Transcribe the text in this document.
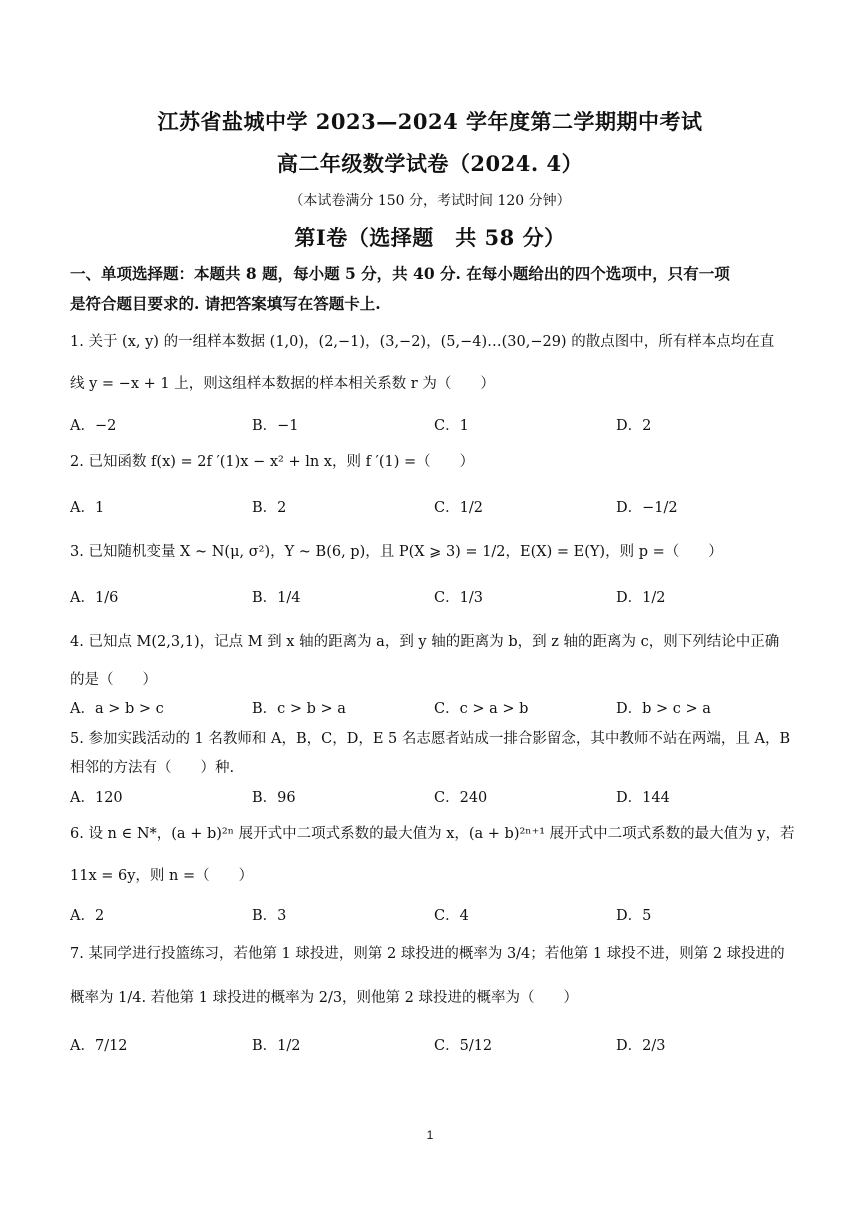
江苏省盐城中学 2023—2024 学年度第二学期期中考试
高二年级数学试卷（2024. 4）
（本试卷满分 150 分，考试时间 120 分钟）
第Ⅰ卷（选择题　共 58 分）
一、单项选择题：本题共 8 题，每小题 5 分，共 40 分. 在每小题给出的四个选项中，只有一项
是符合题目要求的. 请把答案填写在答题卡上.
1. 关于 (x, y) 的一组样本数据 (1,0)，(2,−1)，(3,−2)，(5,−4)…(30,−29) 的散点图中，所有样本点均在直
线 y = −x + 1 上，则这组样本数据的样本相关系数 r 为（　　）
A．−2	B．−1	C．1	D．2
2. 已知函数 f(x) = 2f ′(1)x − x² + ln x，则 f ′(1) =（　　）
A．1	B．2	C．1/2	D．−1/2
3. 已知随机变量 X ~ N(μ, σ²)，Y ~ B(6, p)，且 P(X ⩾ 3) = 1/2，E(X) = E(Y)，则 p =（　　）
A．1/6	B．1/4	C．1/3	D．1/2
4. 已知点 M(2,3,1)，记点 M 到 x 轴的距离为 a，到 y 轴的距离为 b，到 z 轴的距离为 c，则下列结论中正确
的是（　　）
A．a > b > c	B．c > b > a	C．c > a > b	D．b > c > a
5. 参加实践活动的 1 名教师和 A，B，C，D，E 5 名志愿者站成一排合影留念，其中教师不站在两端，且 A，B
相邻的方法有（　　）种.
A．120	B．96	C．240	D．144
6. 设 n ∈ N*，(a + b)²ⁿ 展开式中二项式系数的最大值为 x，(a + b)²ⁿ⁺¹ 展开式中二项式系数的最大值为 y，若
11x = 6y，则 n =（　　）
A．2	B．3	C．4	D．5
7. 某同学进行投篮练习，若他第 1 球投进，则第 2 球投进的概率为 3/4；若他第 1 球投不进，则第 2 球投进的
概率为 1/4. 若他第 1 球投进的概率为 2/3，则他第 2 球投进的概率为（　　）
A．7/12	B．1/2	C．5/12	D．2/3
1
